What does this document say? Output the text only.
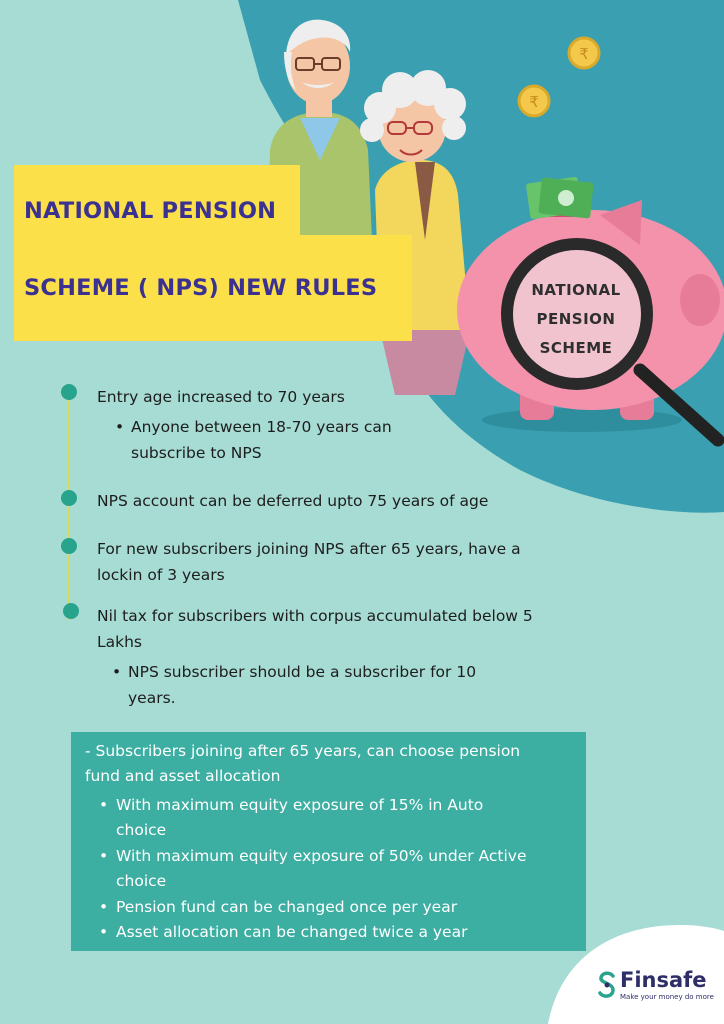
₹
₹
NATIONAL
PENSION
SCHEME
NATIONAL PENSION
SCHEME ( NPS) NEW RULES
Entry age increased to 70 years
• Anyone between 18-70 years can
subscribe to NPS
NPS account can be deferred upto 75 years of age
For new subscribers joining NPS after 65 years, have a
lockin of 3 years
Nil tax for subscribers with corpus accumulated below 5
Lakhs
• NPS subscriber should be a subscriber for 10
years.
- Subscribers joining after 65 years, can choose pension
fund and asset allocation
• With maximum equity exposure of 15% in Auto
choice
• With maximum equity exposure of 50% under Active
choice
• Pension fund can be changed once per year
• Asset allocation can be changed twice a year
Finsafe
Make your money do more
